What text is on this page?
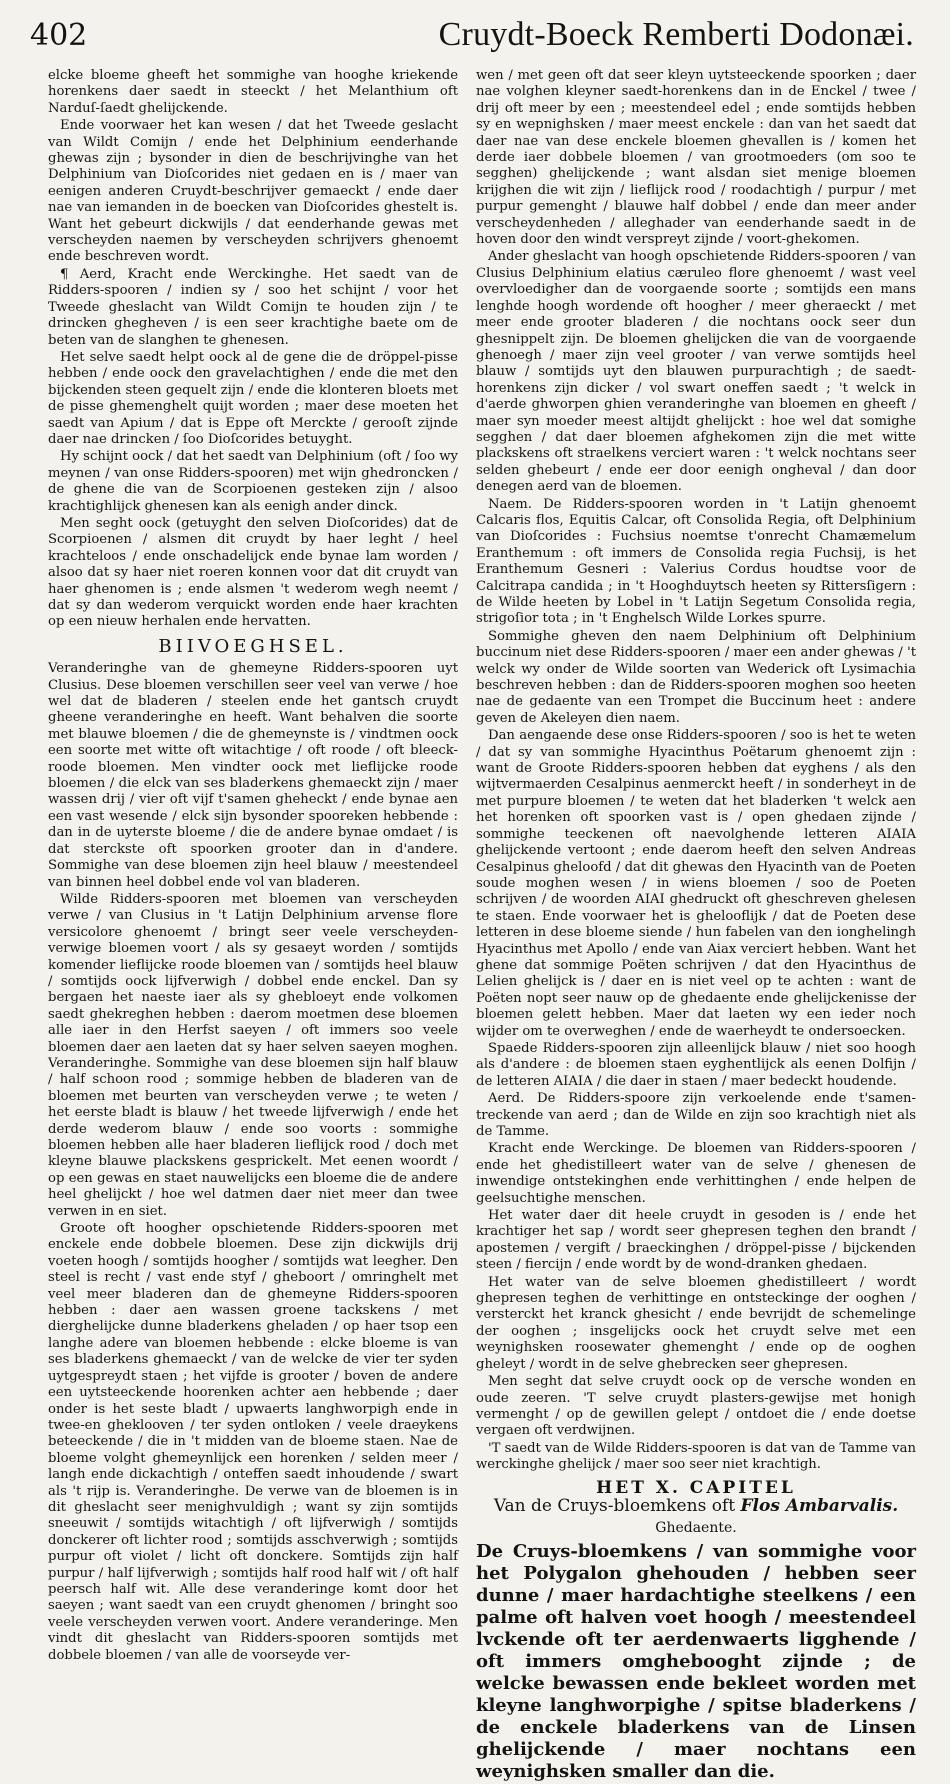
402	Cruydt-Boeck Remberti Dodonæi.

elcke bloeme gheeft het sommighe van hooghe kriekende horenkens daer saedt in steeckt / het Melanthium oft Narduſ-ſaedt ghelijckende.

Ende voorwaer het kan wesen / dat het Tweede geslacht van Wildt Comijn / ende het Delphinium eenderhande ghewas zijn ; bysonder in dien de beschrijvinghe van het Delphinium van Dioſcorides niet gedaen en is / maer van eenigen anderen Cruydt-beschrijver gemaeckt / ende daer nae van iemanden in de boecken van Dioſcorides ghestelt is. Want het gebeurt dickwijls / dat eenderhande gewas met verscheyden naemen by verscheyden schrijvers ghenoemt ende beschreven wordt.

¶ Aerd, Kracht ende Werckinghe. Het saedt van de Ridders-spooren / indien sy / soo het schijnt / voor het Tweede gheslacht van Wildt Comijn te houden zijn / te drincken ghegheven / is een seer krachtighe baete om de beten van de slanghen te ghenesen.

Het selve saedt helpt oock al de gene die de dröppel-pisse hebben / ende oock den gravelachtighen / ende die met den bijckenden steen gequelt zijn / ende die klonteren bloets met de pisse ghemenghelt quijt worden ; maer dese moeten het saedt van Apium / dat is Eppe oft Merckte / gerooſt zijnde daer nae drincken / ſoo Dioſcorides betuyght.

Hy schijnt oock / dat het saedt van Delphinium (oft / ſoo wy meynen / van onse Ridders-spooren) met wijn ghedroncken / de ghene die van de Scorpioenen gesteken zijn / alsoo krachtighlijck ghenesen kan als eenigh ander dinck.

Men seght oock (getuyght den selven Dioſcorides) dat de Scorpioenen / alsmen dit cruydt by haer leght / heel krachteloos / ende onschadelijck ende bynae lam worden / alsoo dat sy haer niet roeren konnen voor dat dit cruydt van haer ghenomen is ; ende alsmen 't wederom wegh neemt / dat sy dan wederom verquickt worden ende haer krachten op een nieuw herhalen ende hervatten.

BIIVOEGHSEL.

Veranderinghe van de ghemeyne Ridders-spooren uyt Clusius. Dese bloemen verschillen seer veel van verwe / hoe wel dat de bladeren / steelen ende het gantsch cruydt gheene veranderinghe en heeft. Want behalven die soorte met blauwe bloemen / die de ghemeynste is / vindtmen oock een soorte met witte oft witachtige / oft roode / oft bleeck-roode bloemen. Men vindter oock met lieflijcke roode bloemen / die elck van ses bladerkens ghemaeckt zijn / maer wassen drij / vier oft vijf t'samen gheheckt / ende bynae aen een vast wesende / elck sijn bysonder spooreken hebbende : dan in de uyterste bloeme / die de andere bynae omdaet / is dat sterckste oft spoorken grooter dan in d'andere. Sommighe van dese bloemen zijn heel blauw / meestendeel van binnen heel dobbel ende vol van bladeren.

Wilde Ridders-spooren met bloemen van verscheyden verwe / van Clusius in 't Latijn Delphinium arvense flore versicolore ghenoemt / bringt seer veele verscheyden-verwige bloemen voort / als sy gesaeyt worden / somtijds komender lieflijcke roode bloemen van / somtijds heel blauw / somtijds oock lijfverwigh / dobbel ende enckel. Dan sy bergaen het naeste iaer als sy ghebloeyt ende volkomen saedt ghekreghen hebben : daerom moetmen dese bloemen alle iaer in den Herfst saeyen / oft immers soo veele bloemen daer aen laeten dat sy haer selven saeyen moghen. Veranderinghe. Sommighe van dese bloemen sijn half blauw / half schoon rood ; sommige hebben de bladeren van de bloemen met beurten van verscheyden verwe ; te weten / het eerste bladt is blauw / het tweede lijfverwigh / ende het derde wederom blauw / ende soo voorts : sommighe bloemen hebben alle haer bladeren lieflijck rood / doch met kleyne blauwe plackskens gesprickelt. Met eenen woordt / op een gewas en staet nauwelijcks een bloeme die de andere heel ghelijckt / hoe wel datmen daer niet meer dan twee verwen in en siet.

Groote oft hoogher opschietende Ridders-spooren met enckele ende dobbele bloemen. Dese zijn dickwijls drij voeten hoogh / somtijds hoogher / somtijds wat leegher. Den steel is recht / vast ende styf / gheboort / omringhelt met veel meer bladeren dan de ghemeyne Ridders-spooren hebben : daer aen wassen groene tackskens / met dierghelijcke dunne bladerkens gheladen / op haer tsop een langhe adere van bloemen hebbende : elcke bloeme is van ses bladerkens ghemaeckt / van de welcke de vier ter syden uytgespreydt staen ; het vijfde is grooter / boven de andere een uytsteeckende hoorenken achter aen hebbende ; daer onder is het seste bladt / upwaerts langhworpigh ende in twee-en gheklooven / ter syden ontloken / veele draeykens beteeckende / die in 't midden van de bloeme staen. Nae de bloeme volght ghemeynlijck een horenken / selden meer / langh ende dickachtigh / onteffen saedt inhoudende / swart als 't rijp is. Veranderinghe. De verwe van de bloemen is in dit gheslacht seer menighvuldigh ; want sy zijn somtijds sneeuwit / somtijds witachtigh / oft lijfverwigh / somtijds donckerer oft lichter rood ; somtijds asschverwigh ; somtijds purpur oft violet / licht oft donckere. Somtijds zijn half purpur / half lijfverwigh ; somtijds half rood half wit / oft half peersch half wit. Alle dese veranderinge komt door het saeyen ; want saedt van een cruydt ghenomen / bringht soo veele verscheyden verwen voort. Andere veranderinge. Men vindt dit gheslacht van Ridders-spooren somtijds met dobbele bloemen / van alle de voorseyde ver-

wen / met geen oft dat seer kleyn uytsteeckende spoorken ; daer nae volghen kleyner saedt-horenkens dan in de Enckel / twee / drij oft meer by een ; meestendeel edel ; ende somtijds hebben sy en wepnighsken / maer meest enckele : dan van het saedt dat daer nae van dese enckele bloemen ghevallen is / komen het derde iaer dobbele bloemen / van grootmoeders (om soo te segghen) ghelijckende ; want alsdan siet menige bloemen krijghen die wit zijn / lieflijck rood / roodachtigh / purpur / met purpur gemenght / blauwe half dobbel / ende dan meer ander verscheydenheden / alleghader van eenderhande saedt in de hoven door den windt verspreyt zijnde / voort-ghekomen.

Ander gheslacht van hoogh opschietende Ridders-spooren / van Clusius Delphinium elatius cæruleo flore ghenoemt / wast veel overvloedigher dan de voorgaende soorte ; somtijds een mans lenghde hoogh wordende oft hoogher / meer gheraeckt / met meer ende grooter bladeren / die nochtans oock seer dun ghesnippelt zijn. De bloemen ghelijcken die van de voorgaende ghenoegh / maer zijn veel grooter / van verwe somtijds heel blauw / somtijds uyt den blauwen purpurachtigh ; de saedt-horenkens zijn dicker / vol swart oneffen saedt ; 't welck in d'aerde ghworpen ghien veranderinghe van bloemen en gheeft / maer syn moeder meest altijdt ghelijckt : hoe wel dat somighe segghen / dat daer bloemen afghekomen zijn die met witte plackskens oft straelkens verciert waren : 't welck nochtans seer selden ghebeurt / ende eer door eenigh ongheval / dan door denegen aerd van de bloemen.

Naem. De Ridders-spooren worden in 't Latijn ghenoemt Calcaris flos, Equitis Calcar, oft Consolida Regia, oft Delphinium van Dioſcorides : Fuchsius noemtse t'onrecht Chamæmelum Eranthemum : oft immers de Consolida regia Fuchsij, is het Eranthemum Gesneri : Valerius Cordus houdtse voor de Calcitrapa candida ; in 't Hooghduytsch heeten sy Rittersſigern : de Wilde heeten by Lobel in 't Latijn Segetum Consolida regia, strigoſior tota ; in 't Enghelsch Wilde Lorkes spurre.

Sommighe gheven den naem Delphinium oft Delphinium buccinum niet dese Ridders-spooren / maer een ander ghewas / 't welck wy onder de Wilde soorten van Wederick oft Lysimachia beschreven hebben : dan de Ridders-spooren moghen soo heeten nae de gedaente van een Trompet die Buccinum heet : andere geven de Akeleyen dien naem.

Dan aengaende dese onse Ridders-spooren / soo is het te weten / dat sy van sommighe Hyacinthus Poëtarum ghenoemt zijn : want de Groote Ridders-spooren hebben dat eyghens / als den wijtvermaerden Cesalpinus aenmerckt heeft / in sonderheyt in de met purpure bloemen / te weten dat het bladerken 't welck aen het horenken oft spoorken vast is / open ghedaen zijnde / sommighe teeckenen oft naevolghende letteren AIAIA ghelijckende vertoont ; ende daerom heeft den selven Andreas Cesalpinus gheloofd / dat dit ghewas den Hyacinth van de Poeten soude moghen wesen / in wiens bloemen / soo de Poeten schrijven / de woorden AIAI ghedruckt oft gheschreven ghelesen te staen. Ende voorwaer het is ghelooflijk / dat de Poeten dese letteren in dese bloeme siende / hun fabelen van den ionghelingh Hyacinthus met Apollo / ende van Aiax verciert hebben. Want het ghene dat sommige Poëten schrijven / dat den Hyacinthus de Lelien ghelijck is / daer en is niet veel op te achten : want de Poëten nopt seer nauw op de ghedaente ende ghelijckenisse der bloemen gelett hebben. Maer dat laeten wy een ieder noch wijder om te overweghen / ende de waerheydt te ondersoecken.

Spaede Ridders-spooren zijn alleenlijck blauw / niet soo hoogh als d'andere : de bloemen staen eyghentlijck als eenen Dolfijn / de letteren AIAIA / die daer in staen / maer bedeckt houdende.

Aerd. De Ridders-spoore zijn verkoelende ende t'samen-treckende van aerd ; dan de Wilde en zijn soo krachtigh niet als de Tamme.

Kracht ende Werckinge. De bloemen van Ridders-spooren / ende het ghedistilleert water van de selve / ghenesen de inwendige ontstekinghen ende verhittinghen / ende helpen de geelsuchtighe menschen.

Het water daer dit heele cruydt in gesoden is / ende het krachtiger het sap / wordt seer ghepresen teghen den brandt / apostemen / vergift / braeckinghen / dröppel-pisse / bijckenden steen / fiercijn / ende wordt by de wond-dranken ghedaen.

Het water van de selve bloemen ghedistilleert / wordt ghepresen teghen de verhittinge en ontsteckinge der ooghen / versterckt het kranck ghesicht / ende bevrijdt de schemelinge der ooghen ; insgelijcks oock het cruydt selve met een weynighsken roosewater ghemenght / ende op de ooghen gheleyt / wordt in de selve ghebrecken seer ghepresen.

Men seght dat selve cruydt oock op de versche wonden en oude zeeren. 'T selve cruydt plasters-gewijse met honigh vermenght / op de gewillen gelept / ontdoet die / ende doetse vergaen oft verdwijnen.

'T saedt van de Wilde Ridders-spooren is dat van de Tamme van werckinghe ghelijck / maer soo seer niet krachtigh.

HET X. CAPITEL
Van de Cruys-bloemkens oft Flos Ambarvalis.
Ghedaente.

De Cruys-bloemkens / van sommighe voor het Polygalon ghehouden / hebben seer dunne / maer hardachtighe steelkens / een palme oft halven voet hoogh / meestendeel lvckende oft ter aerdenwaerts ligghende / oft immers omghebooght zijnde ; de welcke bewassen ende bekleet worden met kleyne langhworpighe / spitse bladerkens / de enckele bladerkens van de Linsen ghelijckende / maer nochtans een weynighsken smaller dan die.
